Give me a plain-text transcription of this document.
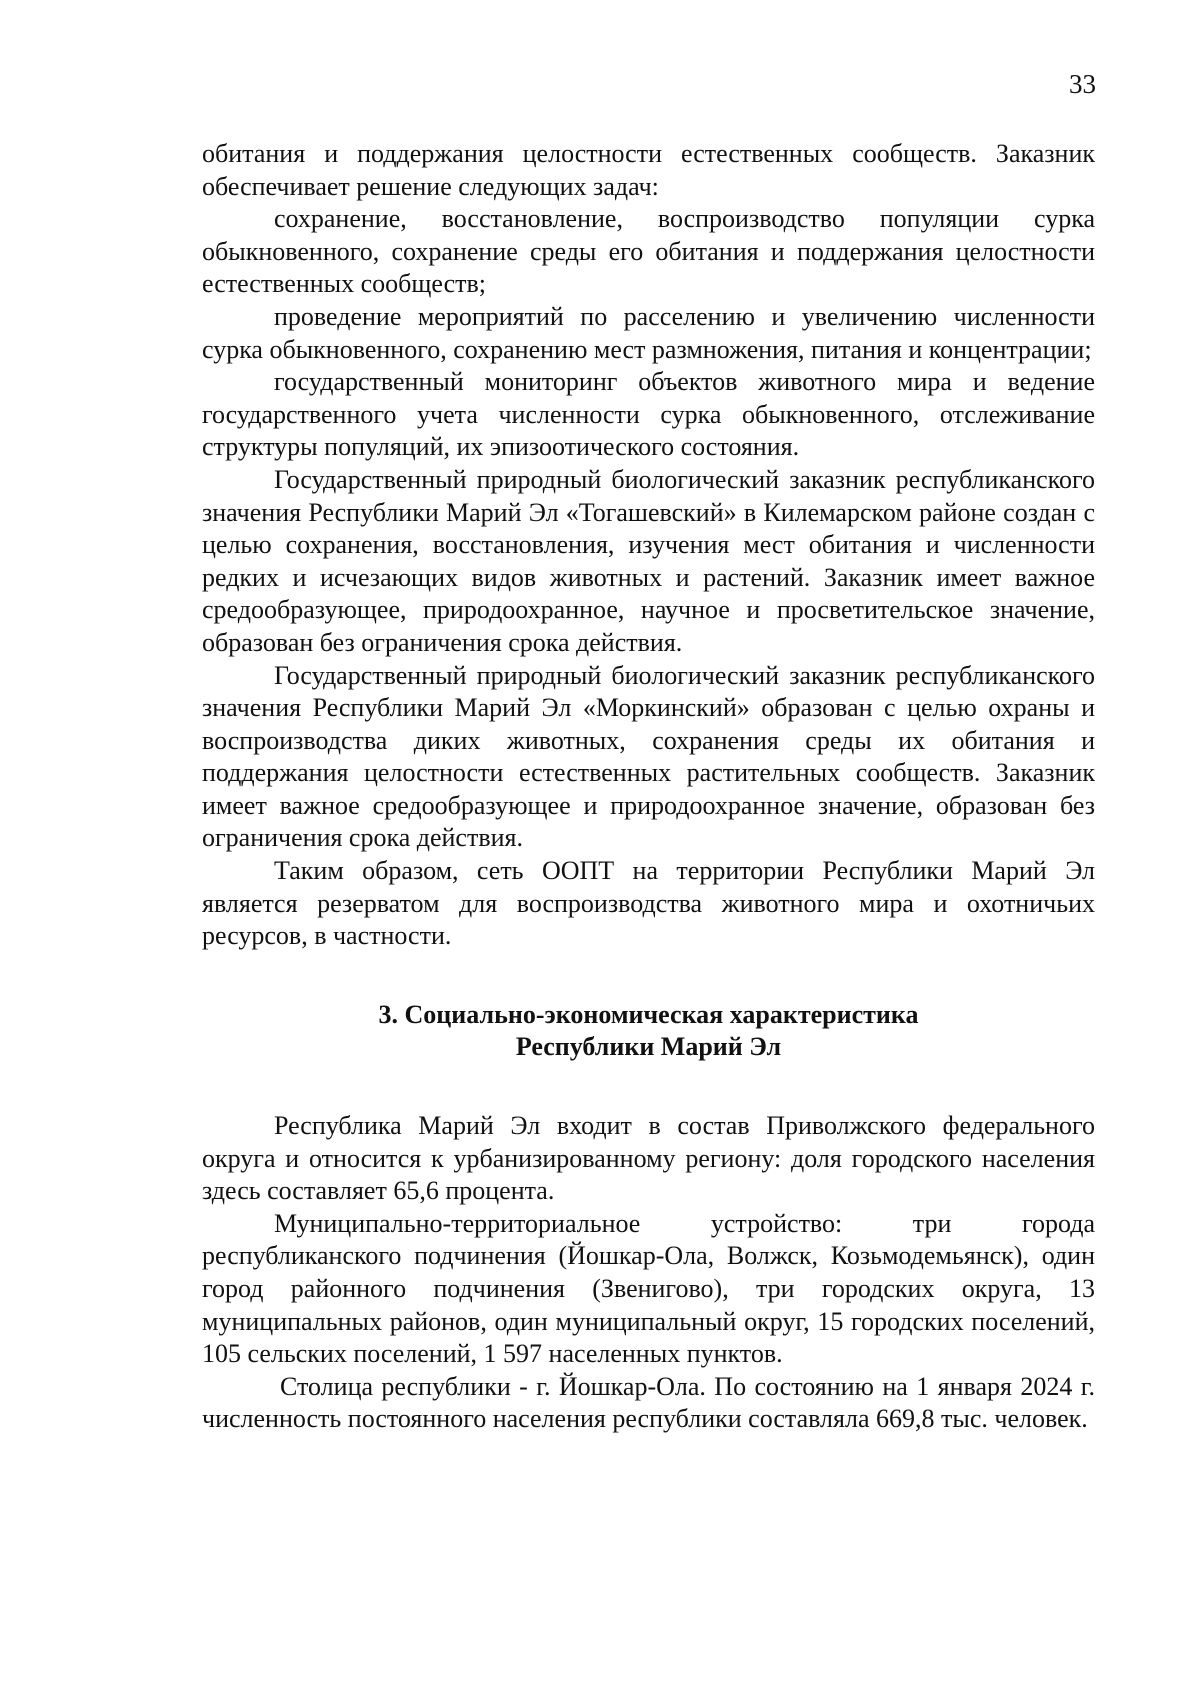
33

обитания и поддержания целостности естественных сообществ. Заказник обеспечивает решение следующих задач:

сохранение, восстановление, воспроизводство популяции сурка обыкновенного, сохранение среды его обитания и поддержания целостности естественных сообществ;

проведение мероприятий по расселению и увеличению численности сурка обыкновенного, сохранению мест размножения, питания и концентрации;

государственный мониторинг объектов животного мира и ведение государственного учета численности сурка обыкновенного, отслеживание структуры популяций, их эпизоотического состояния.

Государственный природный биологический заказник республиканского значения Республики Марий Эл «Тогашевский» в Килемарском районе создан с целью сохранения, восстановления, изучения мест обитания и численности редких и исчезающих видов животных и растений. Заказник имеет важное средообразующее, природоохранное, научное и просветительское значение, образован без ограничения срока действия.

Государственный природный биологический заказник республиканского значения Республики Марий Эл «Моркинский» образован с целью охраны и воспроизводства диких животных, сохранения среды их обитания и поддержания целостности естественных растительных сообществ. Заказник имеет важное средообразующее и природоохранное значение, образован без ограничения срока действия.

Таким образом, сеть ООПТ на территории Республики Марий Эл является резерватом для воспроизводства животного мира и охотничьих ресурсов, в частности.

3. Социально-экономическая характеристика
Республики Марий Эл

Республика Марий Эл входит в состав Приволжского федерального округа и относится к урбанизированному региону: доля городского населения здесь составляет 65,6 процента.

Муниципально-территориальное устройство: три города республиканского подчинения (Йошкар-Ола, Волжск, Козьмодемьянск), один город районного подчинения (Звенигово), три городских округа, 13 муниципальных районов, один муниципальный округ, 15 городских поселений, 105 сельских поселений, 1 597 населенных пунктов.

Столица республики - г. Йошкар-Ола. По состоянию на 1 января 2024 г. численность постоянного населения республики составляла 669,8 тыс. человек.
